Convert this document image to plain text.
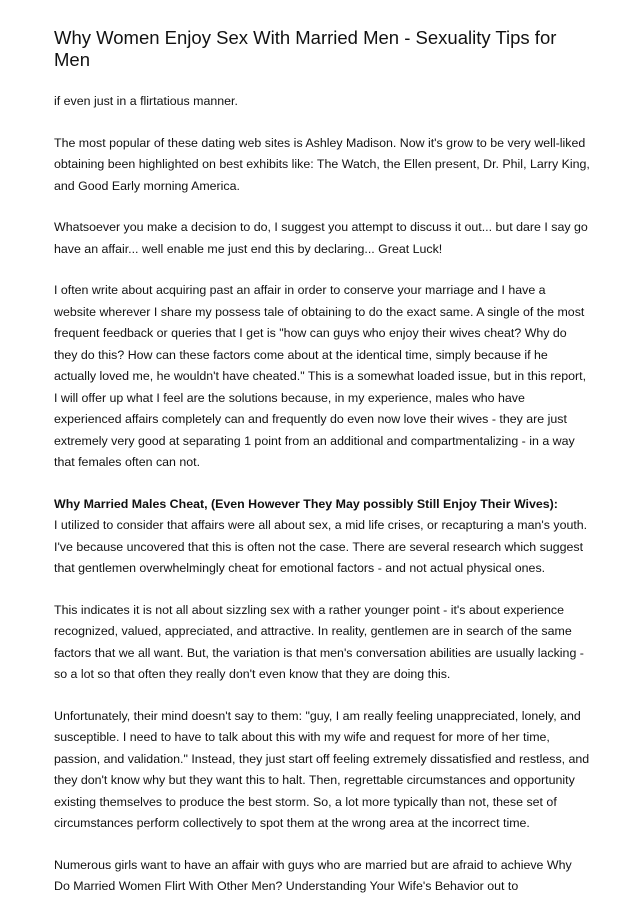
Why Women Enjoy Sex With Married Men - Sexuality Tips for Men

if even just in a flirtatious manner.

The most popular of these dating web sites is Ashley Madison. Now it's grow to be very well-liked obtaining been highlighted on best exhibits like: The Watch, the Ellen present, Dr. Phil, Larry King, and Good Early morning America.

Whatsoever you make a decision to do, I suggest you attempt to discuss it out... but dare I say go have an affair... well enable me just end this by declaring... Great Luck!

I often write about acquiring past an affair in order to conserve your marriage and I have a website wherever I share my possess tale of obtaining to do the exact same. A single of the most frequent feedback or queries that I get is "how can guys who enjoy their wives cheat? Why do they do this? How can these factors come about at the identical time, simply because if he actually loved me, he wouldn't have cheated." This is a somewhat loaded issue, but in this report, I will offer up what I feel are the solutions because, in my experience, males who have experienced affairs completely can and frequently do even now love their wives - they are just extremely very good at separating 1 point from an additional and compartmentalizing - in a way that females often can not.

Why Married Males Cheat, (Even However They May possibly Still Enjoy Their Wives):
I utilized to consider that affairs were all about sex, a mid life crises, or recapturing a man's youth. I've because uncovered that this is often not the case. There are several research which suggest that gentlemen overwhelmingly cheat for emotional factors - and not actual physical ones.

This indicates it is not all about sizzling sex with a rather younger point - it's about experience recognized, valued, appreciated, and attractive. In reality, gentlemen are in search of the same factors that we all want. But, the variation is that men's conversation abilities are usually lacking - so a lot so that often they really don't even know that they are doing this.

Unfortunately, their mind doesn't say to them: "guy, I am really feeling unappreciated, lonely, and susceptible. I need to have to talk about this with my wife and request for more of her time, passion, and validation." Instead, they just start off feeling extremely dissatisfied and restless, and they don't know why but they want this to halt. Then, regrettable circumstances and opportunity existing themselves to produce the best storm. So, a lot more typically than not, these set of circumstances perform collectively to spot them at the wrong area at the incorrect time.

Numerous girls want to have an affair with guys who are married but are afraid to achieve Why Do Married Women Flirt With Other Men? Understanding Your Wife's Behavior out to
